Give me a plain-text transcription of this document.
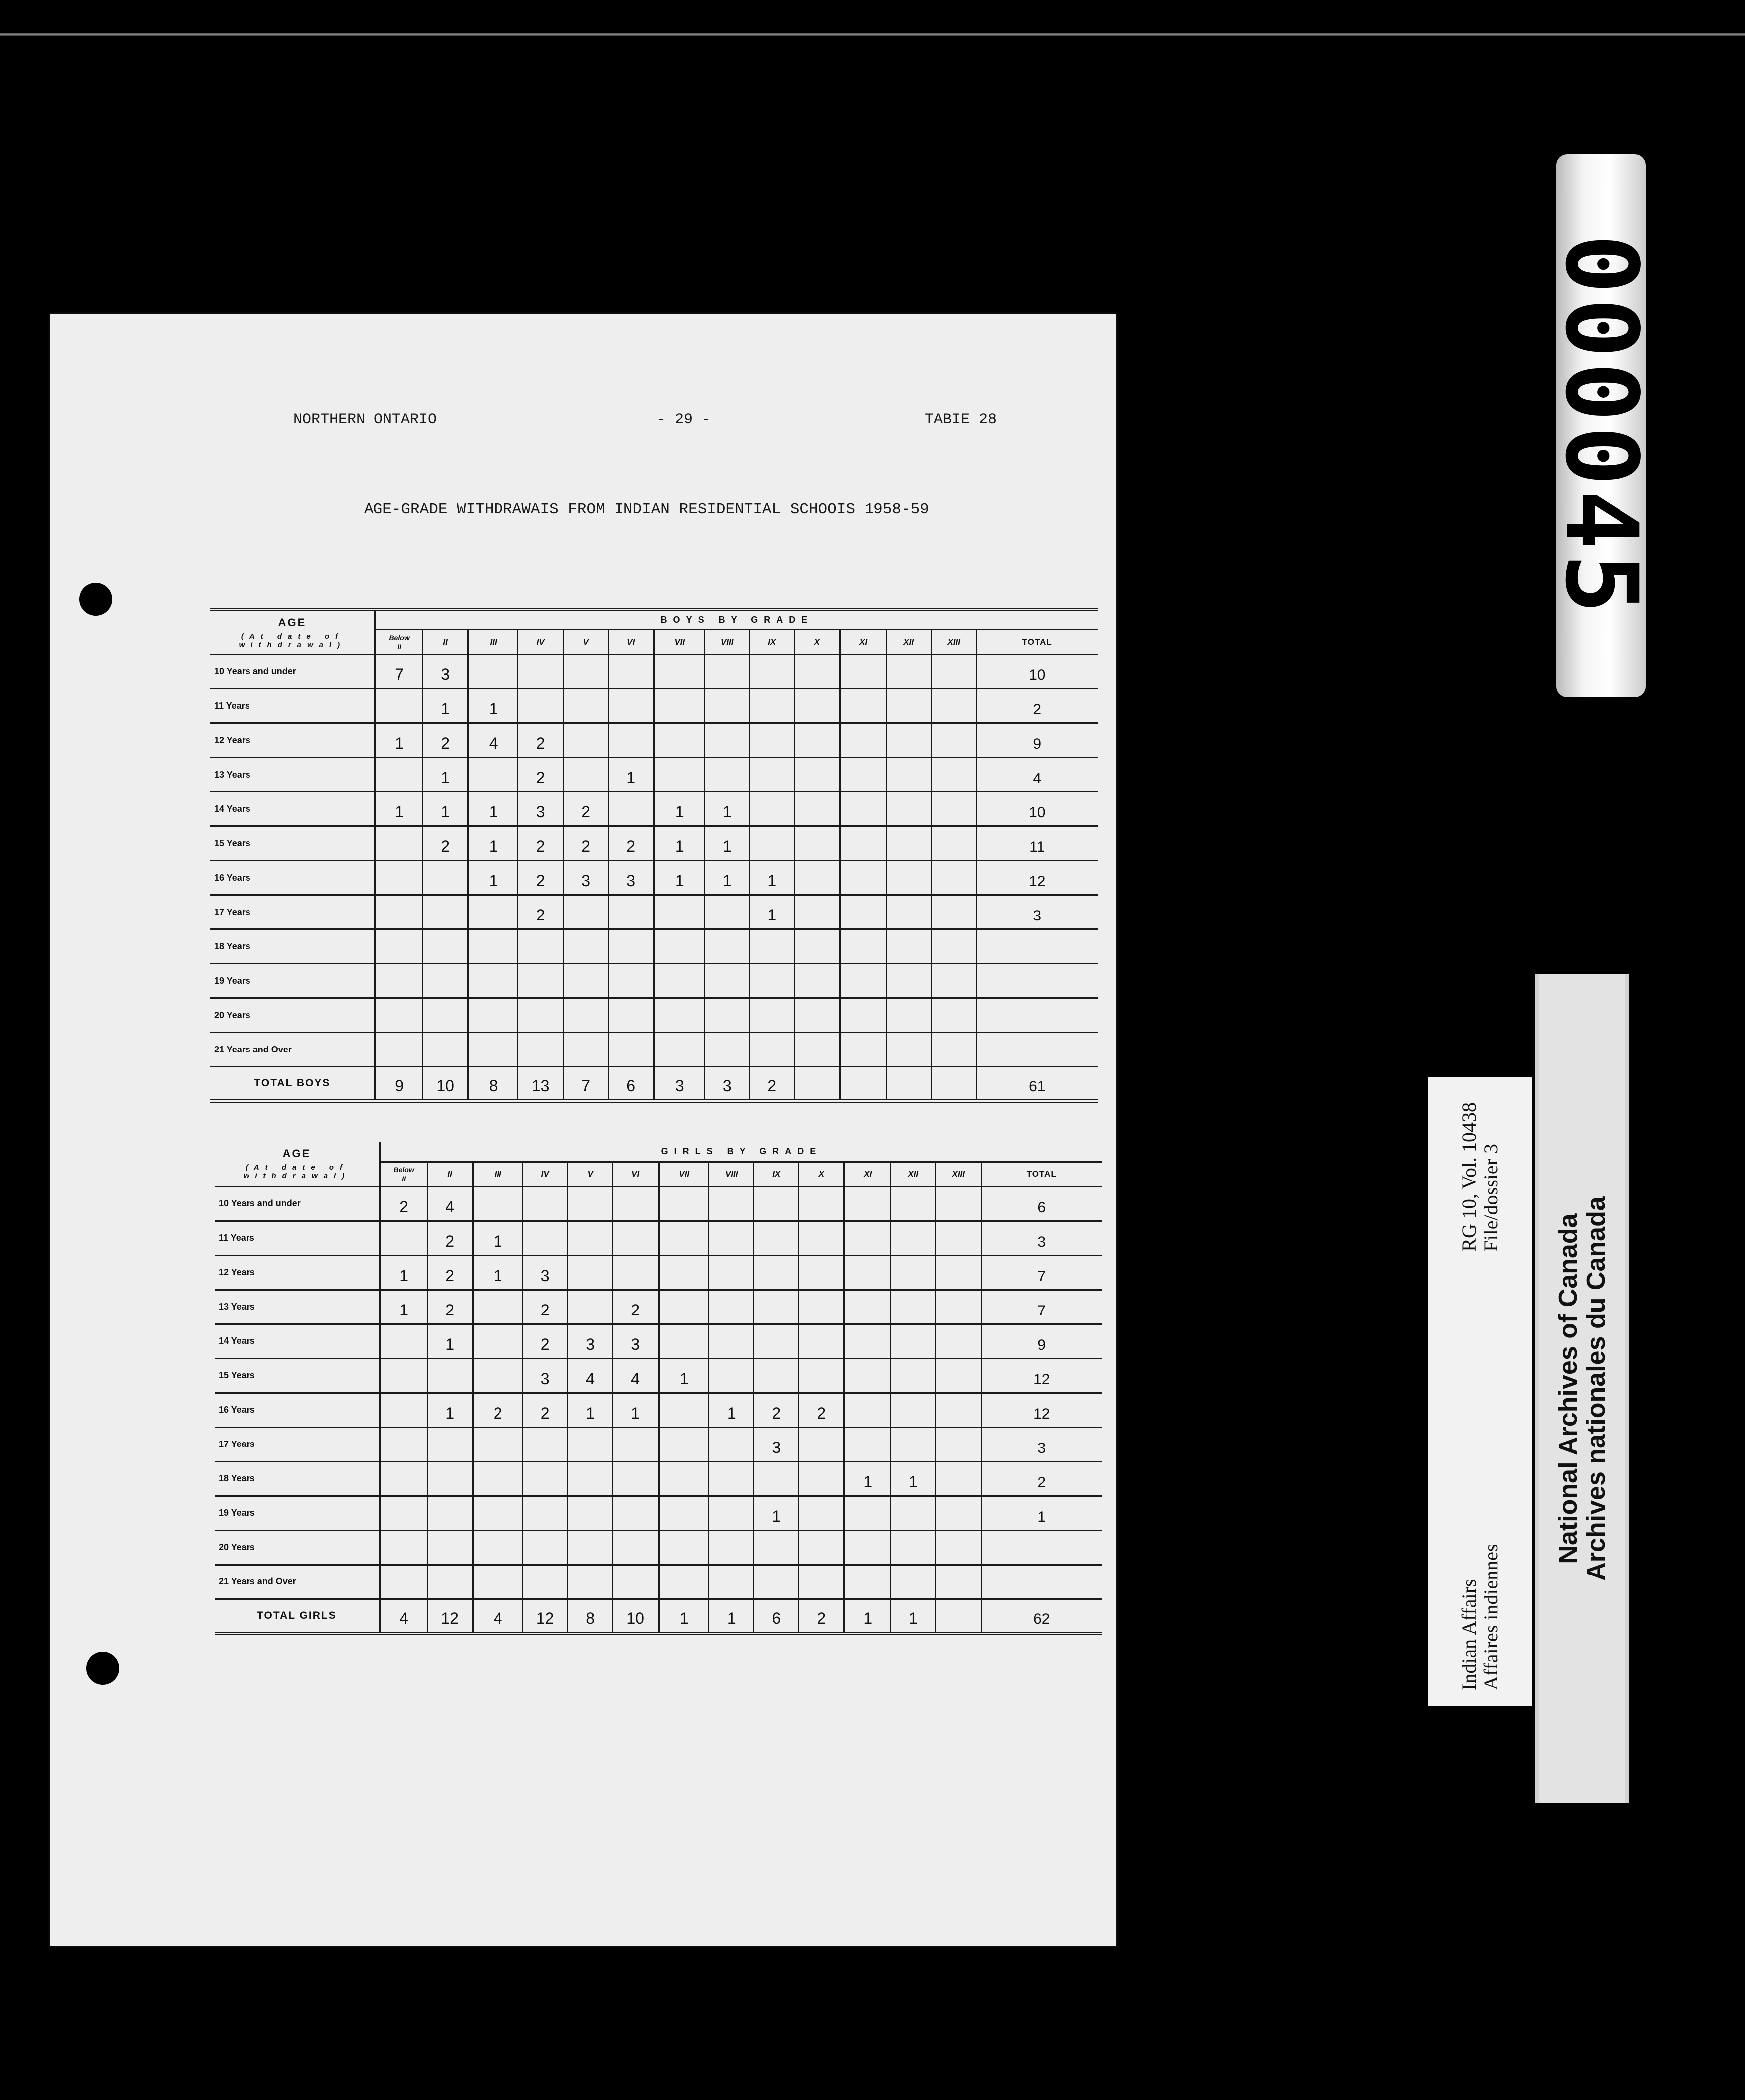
NORTHERN ONTARIO	- 29 -	TABIE 28
AGE-GRADE WITHDRAWAIS FROM INDIAN RESIDENTIAL SCHOOIS 1958-59
AGE
(At date of withdrawal)	BOYS BY GRADE													

	Below
II	II	III	IV	V	VI	VII	VIII	IX	X	XI	XII	XIII	TOTAL
10 Years and under	7	3												10
11 Years		1	1											2
12 Years	1	2	4	2										9
13 Years		1		2		1								4
14 Years	1	1	1	3	2		1	1						10
15 Years		2	1	2	2	2	1	1						11
16 Years			1	2	3	3	1	1	1					12
17 Years				2					1					3
18 Years														
19 Years														
20 Years														
21 Years and Over														
TOTAL BOYS	9	10	8	13	7	6	3	3	2					61
AGE
(At date of withdrawal)	GIRLS BY GRADE													

	Below
II	II	III	IV	V	VI	VII	VIII	IX	X	XI	XII	XIII	TOTAL
10 Years and under	2	4												6
11 Years		2	1											3
12 Years	1	2	1	3										7
13 Years	1	2		2		2								7
14 Years		1		2	3	3								9
15 Years				3	4	4	1							12
16 Years		1	2	2	1	1		1	2	2				12
17 Years									3					3
18 Years											1	1		2
19 Years									1					1
20 Years														
21 Years and Over														
TOTAL GIRLS	4	12	4	12	8	10	1	1	6	2	1	1		62
000045
Indian Affairs Affaires indiennes
RG 10, Vol. 10438 File/dossier 3
National Archives of Canada
Archives nationales du Canada
